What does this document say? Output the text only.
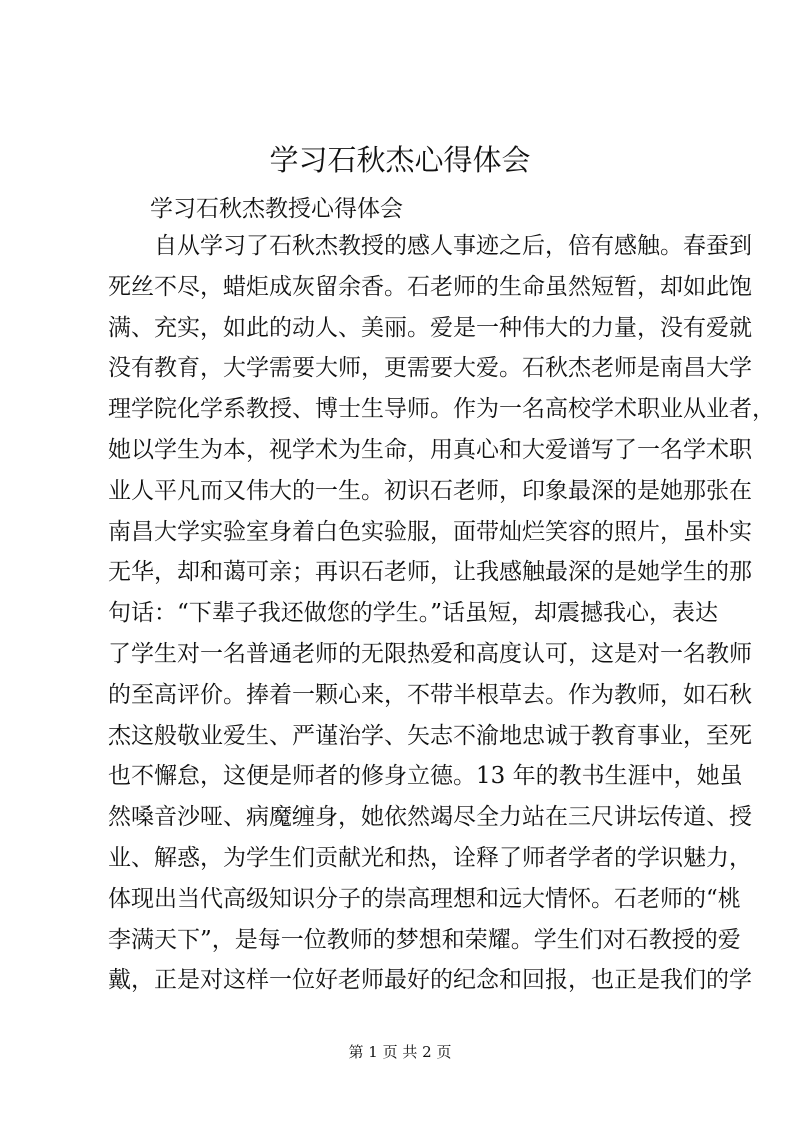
学习石秋杰心得体会

学习石秋杰教授心得体会

自从学习了石秋杰教授的感人事迹之后，倍有感触。春蚕到
死丝不尽，蜡炬成灰留余香。石老师的生命虽然短暂，却如此饱
满、充实，如此的动人、美丽。爱是一种伟大的力量，没有爱就
没有教育，大学需要大师，更需要大爱。石秋杰老师是南昌大学
理学院化学系教授、博士生导师。作为一名高校学术职业从业者，
她以学生为本，视学术为生命，用真心和大爱谱写了一名学术职
业人平凡而又伟大的一生。初识石老师，印象最深的是她那张在
南昌大学实验室身着白色实验服，面带灿烂笑容的照片，虽朴实
无华，却和蔼可亲；再识石老师，让我感触最深的是她学生的那
句话：“下辈子我还做您的学生。”话虽短，却震撼我心，表达
了学生对一名普通老师的无限热爱和高度认可，这是对一名教师
的至高评价。捧着一颗心来，不带半根草去。作为教师，如石秋
杰这般敬业爱生、严谨治学、矢志不渝地忠诚于教育事业，至死
也不懈怠，这便是师者的修身立德。13 年的教书生涯中，她虽
然嗓音沙哑、病魔缠身，她依然竭尽全力站在三尺讲坛传道、授
业、解惑，为学生们贡献光和热，诠释了师者学者的学识魅力，
体现出当代高级知识分子的崇高理想和远大情怀。石老师的“桃
李满天下”，是每一位教师的梦想和荣耀。学生们对石教授的爱
戴，正是对这样一位好老师最好的纪念和回报，也正是我们的学
第 1 页 共 2 页
